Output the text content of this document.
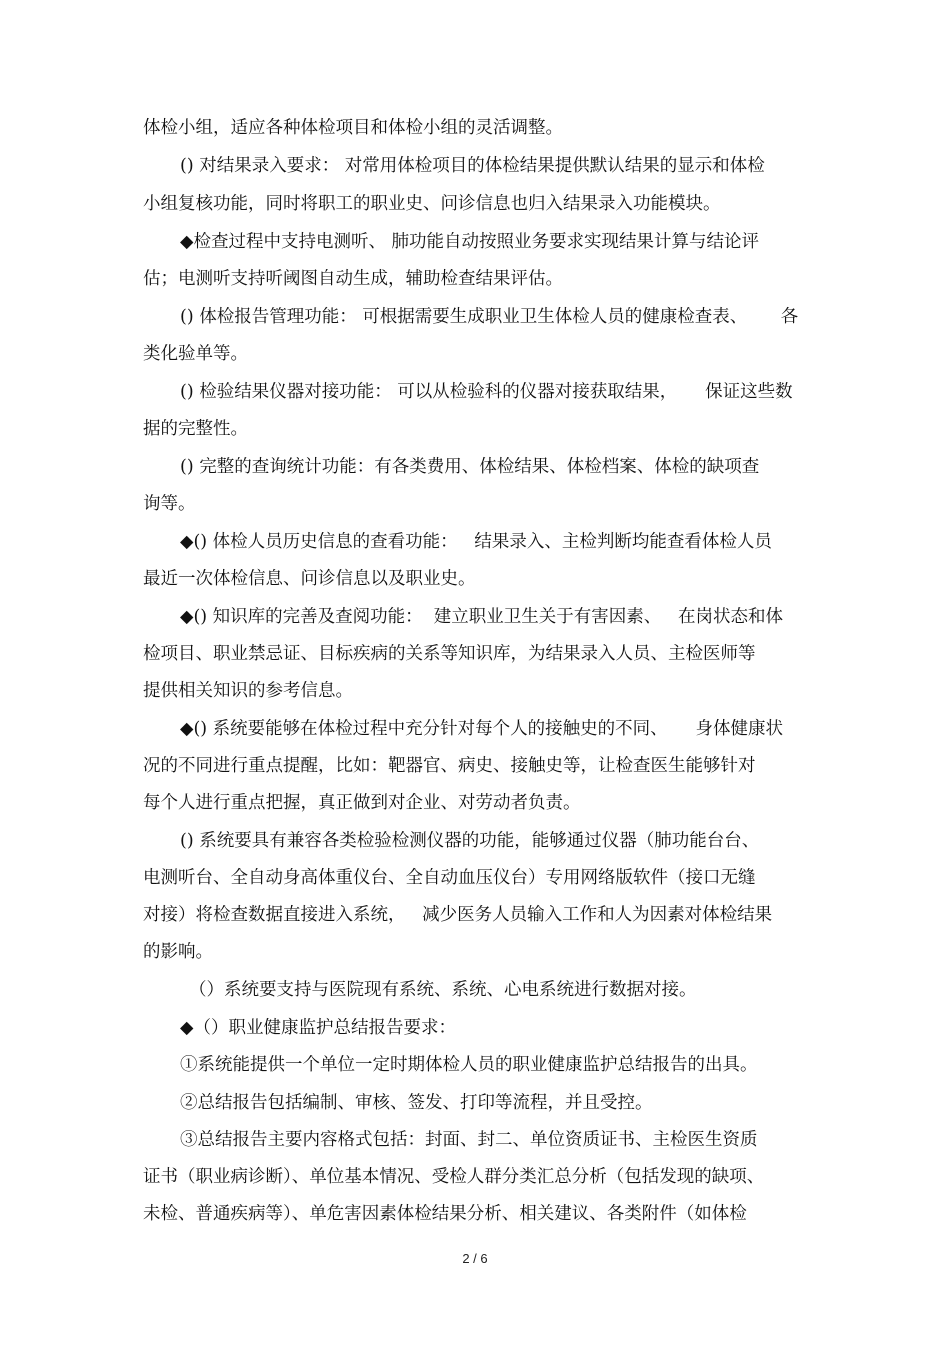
体检小组，适应各种体检项目和体检小组的灵活调整。
() 对结果录入要求： 对常用体检项目的体检结果提供默认结果的显示和体检
小组复核功能，同时将职工的职业史、问诊信息也归入结果录入功能模块。
◆检查过程中支持电测听、 肺功能自动按照业务要求实现结果计算与结论评
估；电测听支持听阈图自动生成，辅助检查结果评估。
() 体检报告管理功能： 可根据需要生成职业卫生体检人员的健康检查表、      各
类化验单等。
() 检验结果仪器对接功能： 可以从检验科的仪器对接获取结果，     保证这些数
据的完整性。
() 完整的查询统计功能：有各类费用、体检结果、体检档案、体检的缺项查
询等。
◆() 体检人员历史信息的查看功能：   结果录入、主检判断均能查看体检人员
最近一次体检信息、问诊信息以及职业史。
◆() 知识库的完善及查阅功能：  建立职业卫生关于有害因素、   在岗状态和体
检项目、职业禁忌证、目标疾病的关系等知识库，为结果录入人员、主检医师等
提供相关知识的参考信息。
◆() 系统要能够在体检过程中充分针对每个人的接触史的不同、     身体健康状
况的不同进行重点提醒，比如：靶器官、病史、接触史等，让检查医生能够针对
每个人进行重点把握，真正做到对企业、对劳动者负责。
() 系统要具有兼容各类检验检测仪器的功能，能够通过仪器（肺功能台台、
电测听台、全自动身高体重仪台、全自动血压仪台）专用网络版软件（接口无缝
对接）将检查数据直接进入系统，   减少医务人员输入工作和人为因素对体检结果
的影响。
（）系统要支持与医院现有系统、系统、心电系统进行数据对接。
◆（）职业健康监护总结报告要求：
①系统能提供一个单位一定时期体检人员的职业健康监护总结报告的出具。
②总结报告包括编制、审核、签发、打印等流程，并且受控。
③总结报告主要内容格式包括：封面、封二、单位资质证书、主检医生资质
证书（职业病诊断）、单位基本情况、受检人群分类汇总分析（包括发现的缺项、
未检、普通疾病等）、单危害因素体检结果分析、相关建议、各类附件（如体检
2 / 6
